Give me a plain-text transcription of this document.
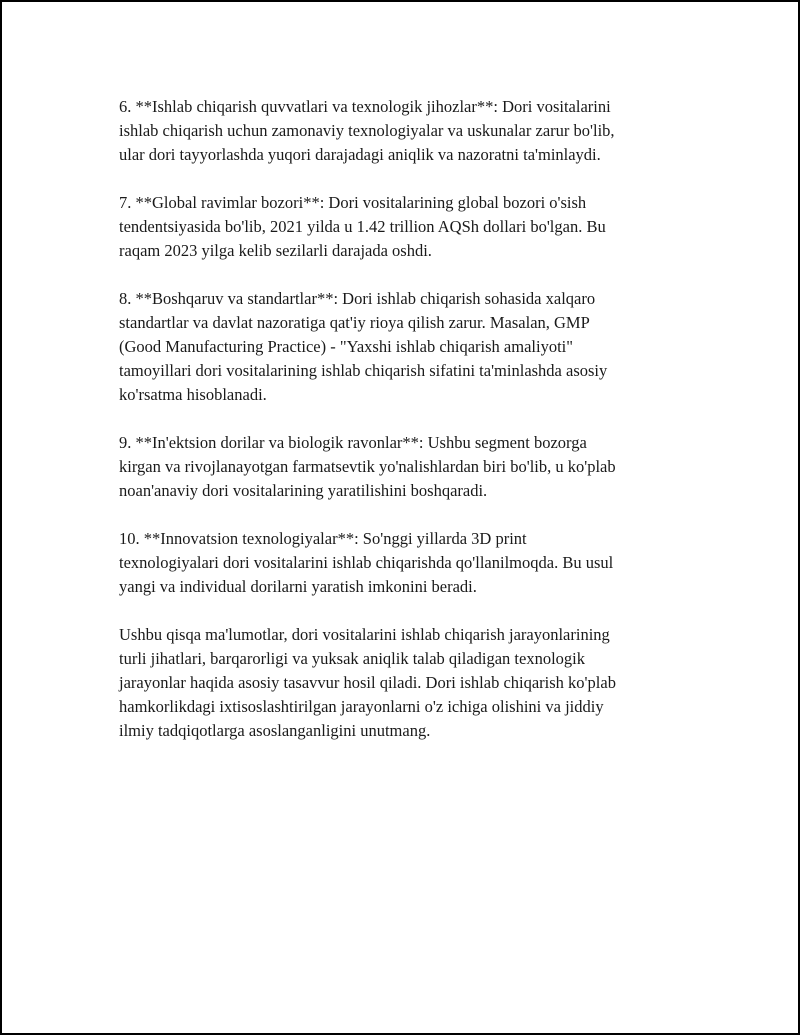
6. **Ishlab chiqarish quvvatlari va texnologik jihozlar**: Dori vositalarini
ishlab chiqarish uchun zamonaviy texnologiyalar va uskunalar zarur bo'lib,
ular dori tayyorlashda yuqori darajadagi aniqlik va nazoratni ta'minlaydi.

7. **Global ravimlar bozori**: Dori vositalarining global bozori o'sish
tendentsiyasida bo'lib, 2021 yilda u 1.42 trillion AQSh dollari bo'lgan. Bu
raqam 2023 yilga kelib sezilarli darajada oshdi.

8. **Boshqaruv va standartlar**: Dori ishlab chiqarish sohasida xalqaro
standartlar va davlat nazoratiga qat'iy rioya qilish zarur. Masalan, GMP
(Good Manufacturing Practice) - "Yaxshi ishlab chiqarish amaliyoti"
tamoyillari dori vositalarining ishlab chiqarish sifatini ta'minlashda asosiy
ko'rsatma hisoblanadi.

9. **In'ektsion dorilar va biologik ravonlar**: Ushbu segment bozorga
kirgan va rivojlanayotgan farmatsevtik yo'nalishlardan biri bo'lib, u ko'plab
noan'anaviy dori vositalarining yaratilishini boshqaradi.

10. **Innovatsion texnologiyalar**: So'nggi yillarda 3D print
texnologiyalari dori vositalarini ishlab chiqarishda qo'llanilmoqda. Bu usul
yangi va individual dorilarni yaratish imkonini beradi.

Ushbu qisqa ma'lumotlar, dori vositalarini ishlab chiqarish jarayonlarining
turli jihatlari, barqarorligi va yuksak aniqlik talab qiladigan texnologik
jarayonlar haqida asosiy tasavvur hosil qiladi. Dori ishlab chiqarish ko'plab
hamkorlikdagi ixtisoslashtirilgan jarayonlarni o'z ichiga olishini va jiddiy
ilmiy tadqiqotlarga asoslanganligini unutmang.
